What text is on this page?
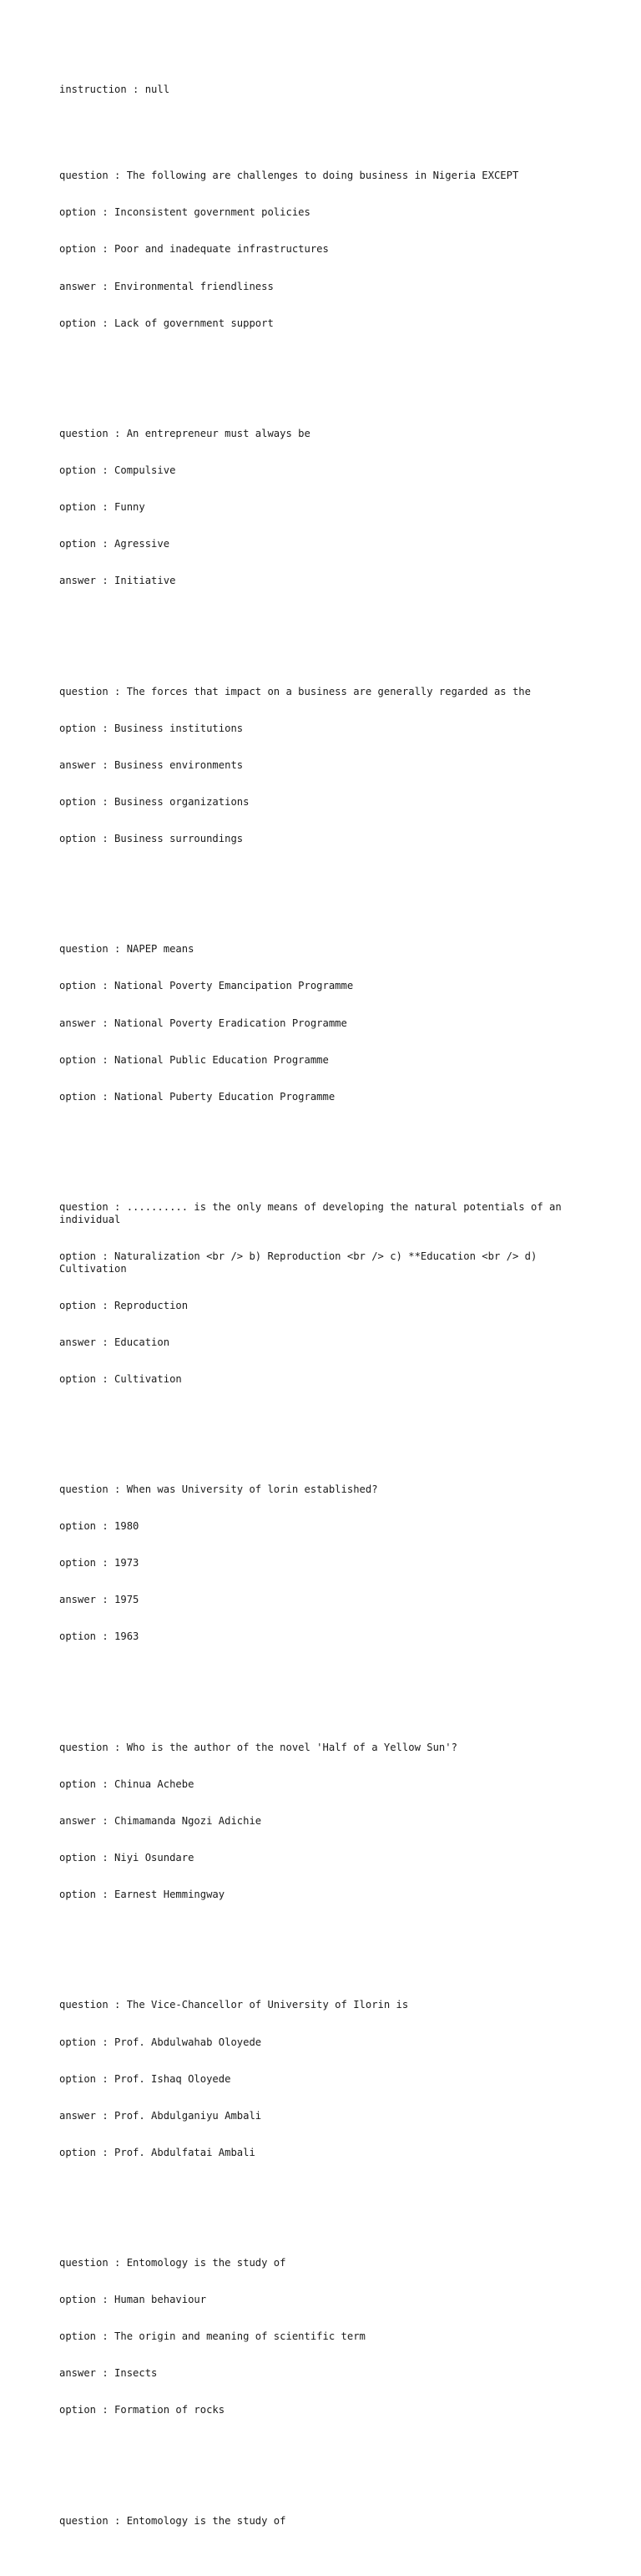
instruction : null

question : The following are challenges to doing business in Nigeria EXCEPT

option : Inconsistent government policies

option : Poor and inadequate infrastructures

answer : Environmental friendliness

option : Lack of government support

question : An entrepreneur must always be

option : Compulsive

option : Funny

option : Agressive

answer : Initiative

question : The forces that impact on a business are generally regarded as the

option : Business institutions

answer : Business environments

option : Business organizations

option : Business surroundings

question : NAPEP means

option : National Poverty Emancipation Programme

answer : National Poverty Eradication Programme

option : National Public Education Programme

option : National Puberty Education Programme

question : .......... is the only means of developing the natural potentials of an individual

option : Naturalization <br /> b) Reproduction <br /> c) **Education <br /> d) Cultivation

option : Reproduction

answer : Education

option : Cultivation

question : When was University of lorin established?

option : 1980

option : 1973

answer : 1975

option : 1963

question : Who is the author of the novel 'Half of a Yellow Sun'?

option : Chinua Achebe

answer : Chimamanda Ngozi Adichie

option : Niyi Osundare

option : Earnest Hemmingway

question : The Vice-Chancellor of University of Ilorin is

option : Prof. Abdulwahab Oloyede

option : Prof. Ishaq Oloyede

answer : Prof. Abdulganiyu Ambali

option : Prof. Abdulfatai Ambali

question : Entomology is the study of

option : Human behaviour

option : The origin and meaning of scientific term

answer : Insects

option : Formation of rocks

question : Entomology is the study of
